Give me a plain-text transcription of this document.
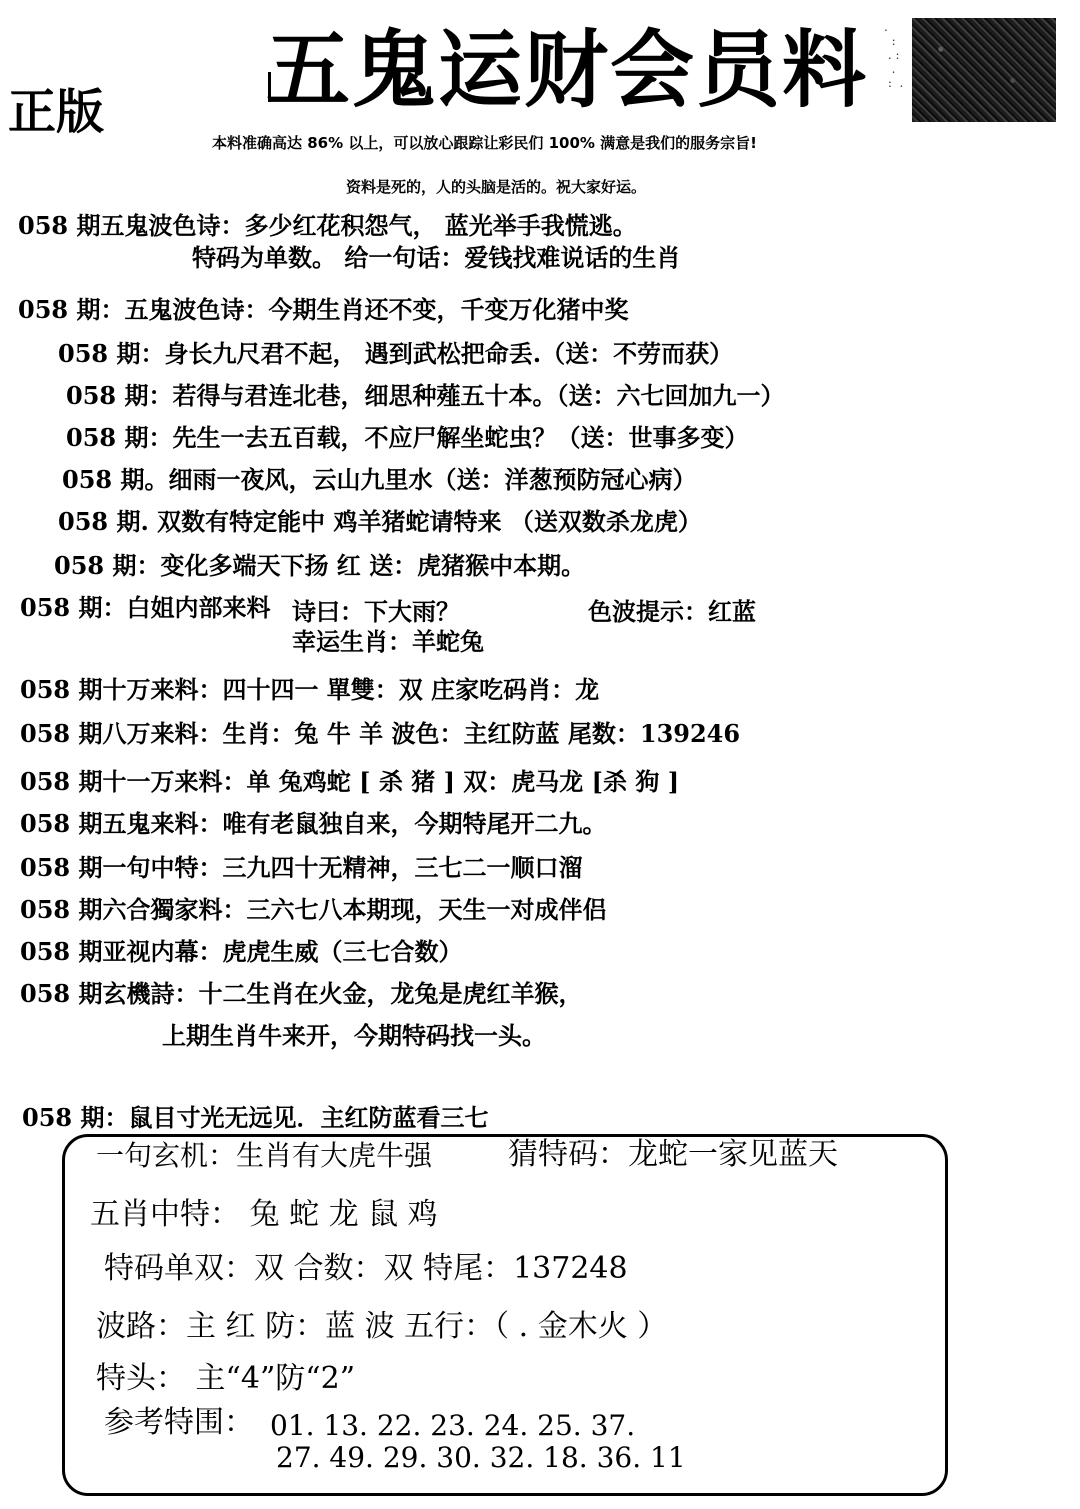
五鬼运财会员料
正版
.
:
. :
.
:  .
本料准确高达 86% 以上，可以放心跟踪让彩民们 100% 满意是我们的服务宗旨!
资料是死的，人的头脑是活的。祝大家好运。
058 期五鬼波色诗：多少红花积怨气， 蓝光举手我慌逃。
特码为单数。 给一句话：爱钱找难说话的生肖
058 期：五鬼波色诗：今期生肖还不变，千变万化猪中奖
058 期：身长九尺君不起， 遇到武松把命丢.（送：不劳而获）
058 期：若得与君连北巷，细思种薤五十本。（送：六七回加九一）
058 期：先生一去五百载，不应尸解坐蛇虫？（送：世事多变）
058 期。细雨一夜风，云山九里水（送：洋葱预防冠心病）
058 期. 双数有特定能中 鸡羊猪蛇请特来 （送双数杀龙虎）
058 期：变化多端天下扬 红 送：虎猪猴中本期。
058 期：白姐内部来料 诗曰：下大雨？	色波提示：红蓝
幸运生肖：羊蛇兔
058 期十万来料：四十四一 單雙：双 庄家吃码肖：龙
058 期八万来料：生肖：兔 牛 羊 波色：主红防蓝 尾数：139246
058 期十一万来料：单 兔鸡蛇 [ 杀 猪 ] 双：虎马龙 [杀 狗 ]
058 期五鬼来料：唯有老鼠独自来，今期特尾开二九。
058 期一句中特：三九四十无精神，三七二一顺口溜
058 期六合獨家料：三六七八本期现，天生一对成伴侣
058 期亚视内幕：虎虎生威（三七合数）
058 期玄機詩：十二生肖在火金，龙兔是虎红羊猴，
上期生肖牛来开，今期特码找一头。
058 期：鼠目寸光无远见．主红防蓝看三七
一句玄机：生肖有大虎牛强	猜特码：龙蛇一家见蓝天
五肖中特： 兔 蛇 龙 鼠 鸡
特码单双：双 合数：双 特尾：137248
波路：主 红 防：蓝 波 五行：（ . 金木火 ）
特头： 主“4”防“2”
参考特围： 01. 13. 22. 23. 24. 25. 37.
27. 49. 29. 30. 32. 18. 36. 11
